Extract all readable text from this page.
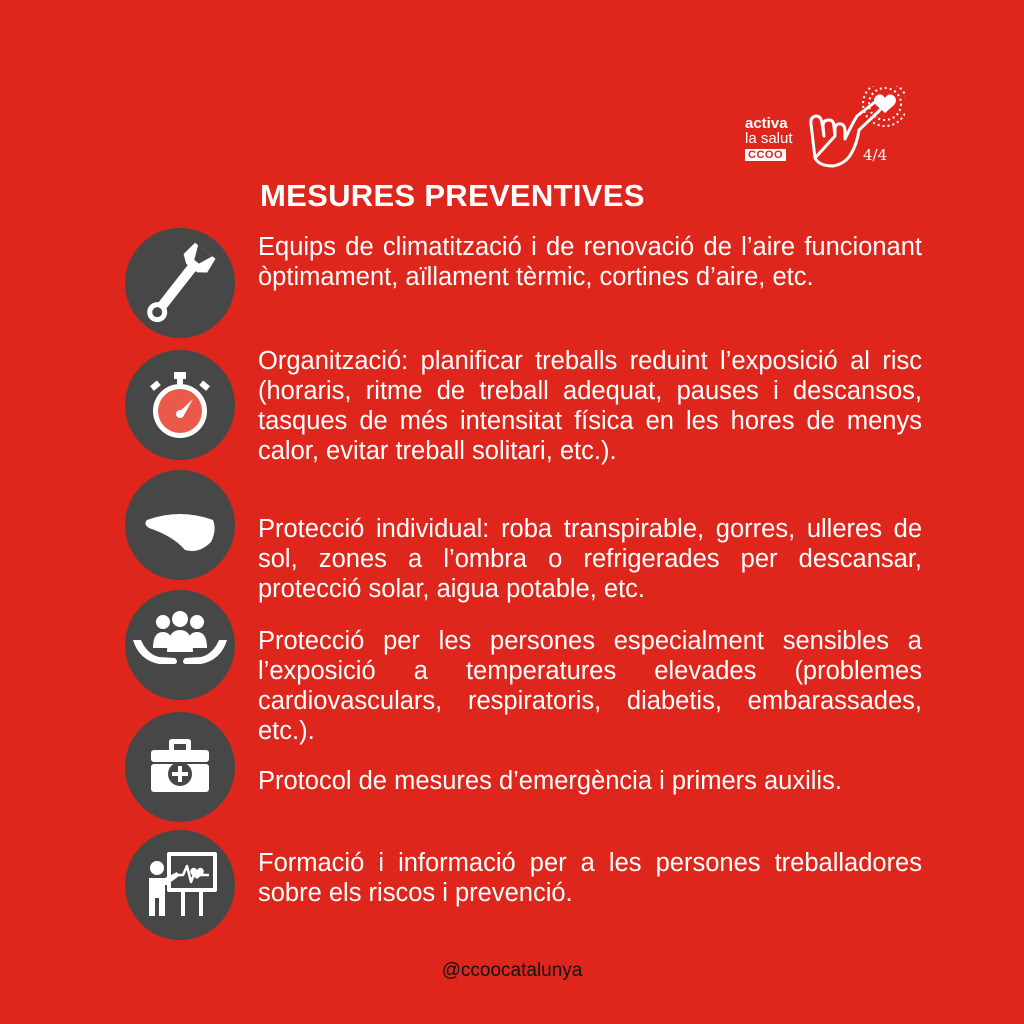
activa
la salut
CCOO	4/4
MESURES PREVENTIVES
Equips de climatització i de renovació de l’aire funcionant òptimament, aïllament tèrmic, cortines d’aire, etc.
Organització: planificar treballs reduint l’exposició al risc (horaris, ritme de treball adequat, pauses i descansos, tasques de més intensitat física en les hores de menys calor, evitar treball solitari, etc.).
Protecció individual: roba transpirable, gorres, ulleres de sol, zones a l’ombra o refrigerades per descansar, protecció solar, aigua potable, etc.
Protecció per les persones especialment sensibles a l’exposició a temperatures elevades (problemes cardiovasculars, respiratoris, diabetis, embarassades, etc.).
Protocol de mesures d’emergència i primers auxilis.
Formació i informació per a les persones treballadores sobre els riscos i prevenció.
@ccoocatalunya
